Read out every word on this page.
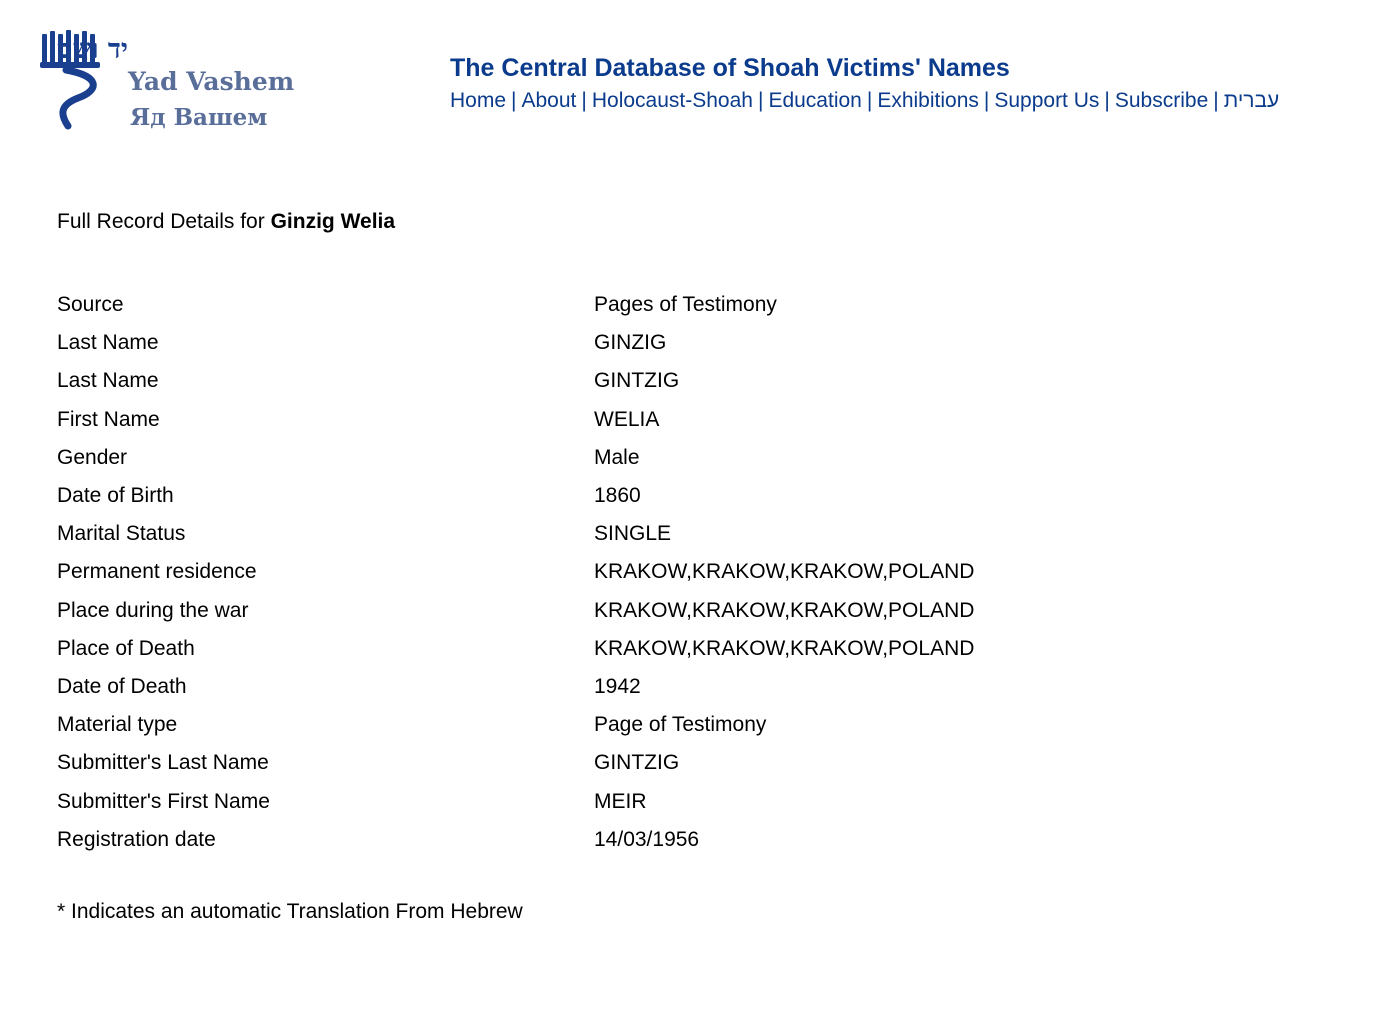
יד ושם
Yad Vashem
Яд Вашем
The Central Database of Shoah Victims' Names
Home | About | Holocaust-Shoah | Education | Exhibitions | Support Us | Subscribe | עברית
Full Record Details for Ginzig Welia
Source	Pages of Testimony
Last Name	GINZIG
Last Name	GINTZIG
First Name	WELIA
Gender	Male
Date of Birth	1860
Marital Status	SINGLE
Permanent residence	KRAKOW,KRAKOW,KRAKOW,POLAND
Place during the war	KRAKOW,KRAKOW,KRAKOW,POLAND
Place of Death	KRAKOW,KRAKOW,KRAKOW,POLAND
Date of Death	1942
Material type	Page of Testimony
Submitter's Last Name	GINTZIG
Submitter's First Name	MEIR
Registration date	14/03/1956
* Indicates an automatic Translation From Hebrew
